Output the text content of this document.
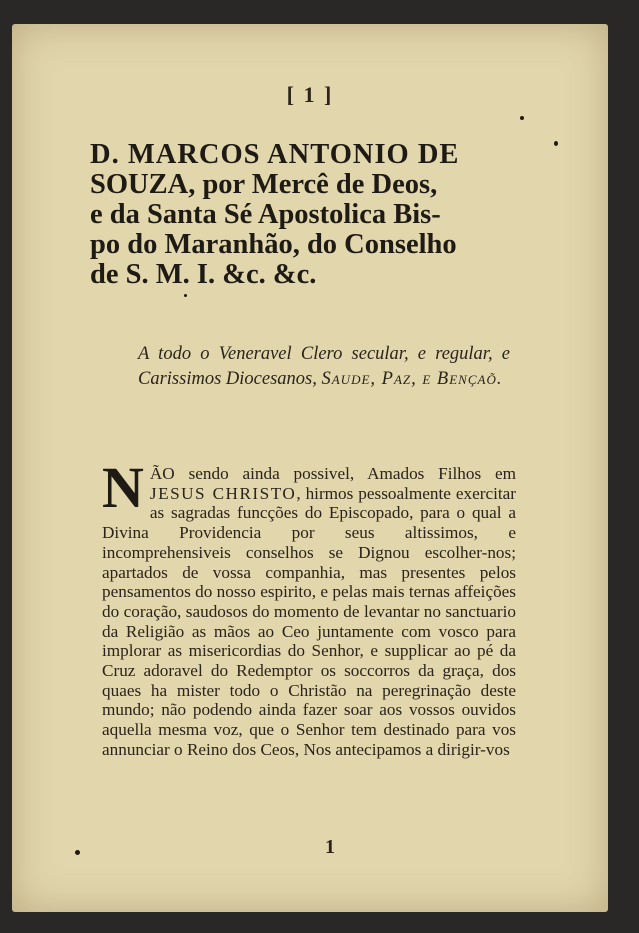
[ 1 ]
D. MARCOS ANTONIO DE
SOUZA, por Mercê de Deos,
e da Santa Sé Apostolica Bis-
po do Maranhão, do Conselho
de S. M. I. &c. &c.
A todo o Veneravel Clero secular, e regular, e Carissimos Diocesanos, Saude, Paz, e Bençaõ.

NÃO sendo ainda possivel, Amados Filhos em JESUS CHRISTO, hirmos pessoalmente exercitar as sagradas funcções do Episcopado, para o qual a Divina Providencia por seus altissimos, e incomprehensiveis conselhos se Dignou escolher-nos; apartados de vossa companhia, mas presentes pelos pensamentos do nosso espirito, e pelas mais ternas affeições do coração, saudosos do momento de levantar no sanctuario da Religião as mãos ao Ceo juntamente com vosco para implorar as misericordias do Senhor, e supplicar ao pé da Cruz adoravel do Redemptor os soccorros da graça, dos quaes ha mister todo o Christão na peregrinação deste mundo; não podendo ainda fazer soar aos vossos ouvidos aquella mesma voz, que o Senhor tem destinado para vos annunciar o Reino dos Ceos, Nos antecipamos a dirigir-vos

1
